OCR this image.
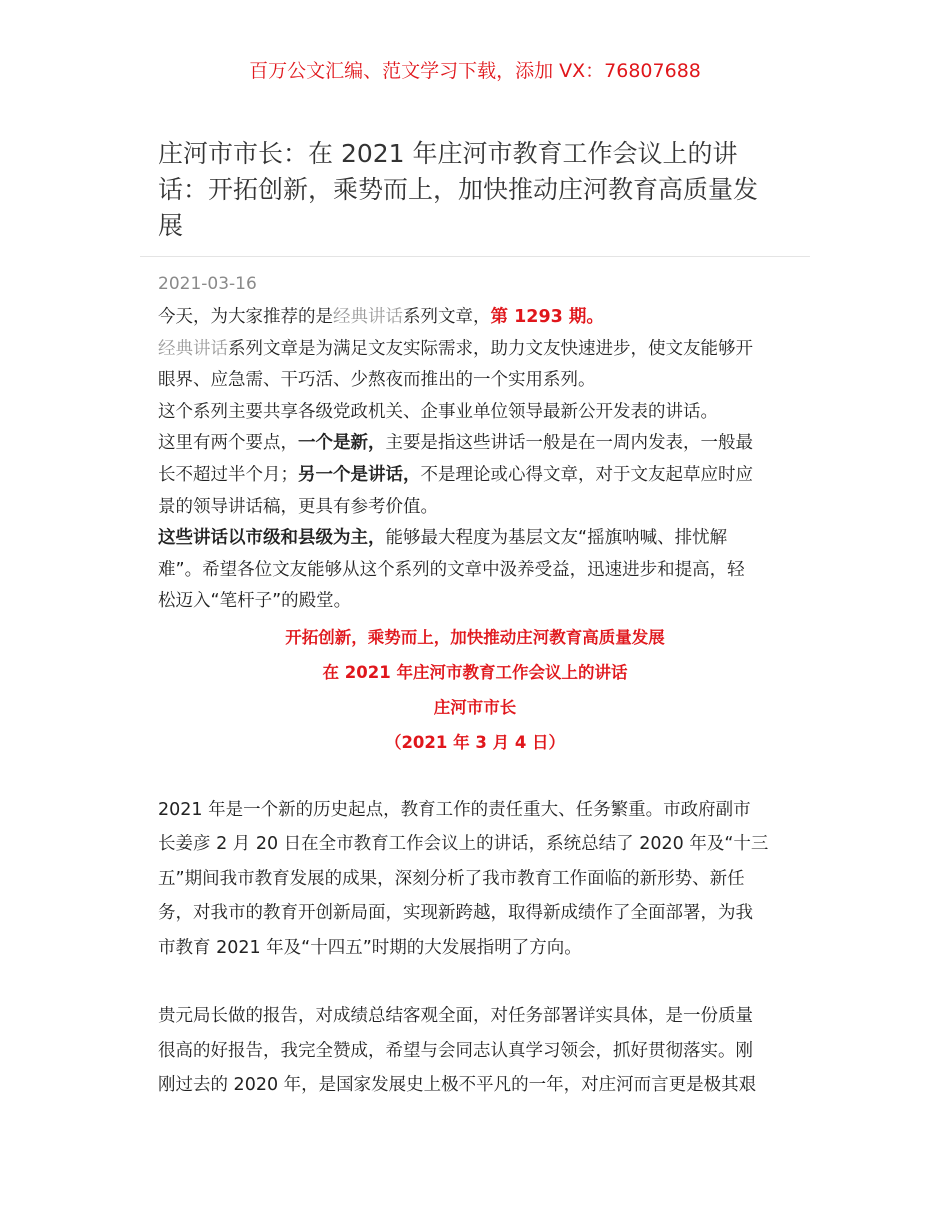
百万公文汇编、范文学习下载，添加 VX：76807688
庄河市市长：在 2021 年庄河市教育工作会议上的讲
话：开拓创新，乘势而上，加快推动庄河教育高质量发
展
2021-03-16
今天，为大家推荐的是经典讲话系列文章，第 1293 期。
经典讲话系列文章是为满足文友实际需求，助力文友快速进步，使文友能够开
眼界、应急需、干巧活、少熬夜而推出的一个实用系列。
这个系列主要共享各级党政机关、企事业单位领导最新公开发表的讲话。
这里有两个要点，一个是新，主要是指这些讲话一般是在一周内发表，一般最
长不超过半个月；另一个是讲话，不是理论或心得文章，对于文友起草应时应
景的领导讲话稿，更具有参考价值。
这些讲话以市级和县级为主，能够最大程度为基层文友“摇旗呐喊、排忧解
难”。希望各位文友能够从这个系列的文章中汲养受益，迅速进步和提高，轻
松迈入“笔杆子”的殿堂。
开拓创新，乘势而上，加快推动庄河教育高质量发展
在 2021 年庄河市教育工作会议上的讲话
庄河市市长
（2021 年 3 月 4 日）
2021 年是一个新的历史起点，教育工作的责任重大、任务繁重。市政府副市
长姜彦 2 月 20 日在全市教育工作会议上的讲话，系统总结了 2020 年及“十三
五”期间我市教育发展的成果，深刻分析了我市教育工作面临的新形势、新任
务，对我市的教育开创新局面，实现新跨越，取得新成绩作了全面部署，为我
市教育 2021 年及“十四五”时期的大发展指明了方向。
贵元局长做的报告，对成绩总结客观全面，对任务部署详实具体，是一份质量
很高的好报告，我完全赞成，希望与会同志认真学习领会，抓好贯彻落实。刚
刚过去的 2020 年，是国家发展史上极不平凡的一年，对庄河而言更是极其艰
